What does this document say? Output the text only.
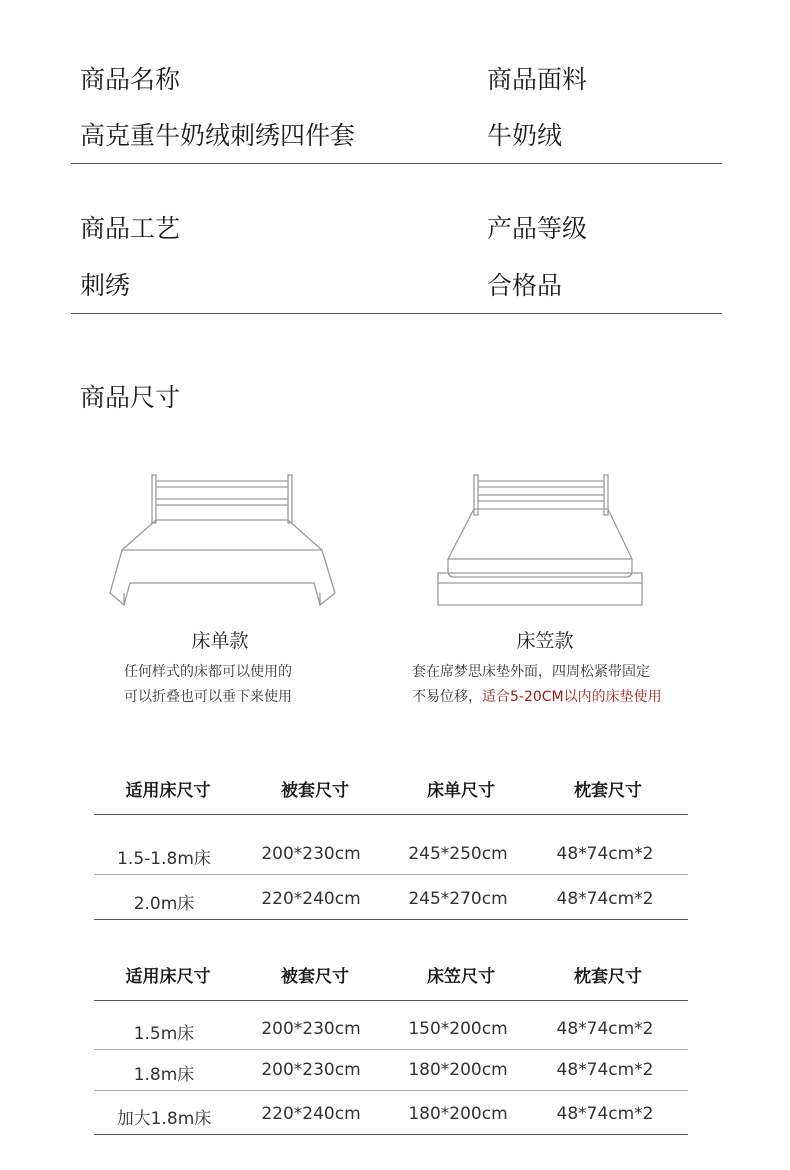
商品名称	商品面料
高克重牛奶绒刺绣四件套	牛奶绒
商品工艺	产品等级
刺绣	合格品
商品尺寸
床单款
任何样式的床都可以使用的
可以折叠也可以垂下来使用
床笠款
套在席梦思床垫外面，四周松紧带固定
不易位移，适合5-20CM以内的床垫使用
适用床尺寸	被套尺寸	床单尺寸	枕套尺寸
1.5-1.8m床	200*230cm	245*250cm	48*74cm*2
2.0m床	220*240cm	245*270cm	48*74cm*2
适用床尺寸	被套尺寸	床笠尺寸	枕套尺寸
1.5m床	200*230cm	150*200cm	48*74cm*2
1.8m床	200*230cm	180*200cm	48*74cm*2
加大1.8m床	220*240cm	180*200cm	48*74cm*2
